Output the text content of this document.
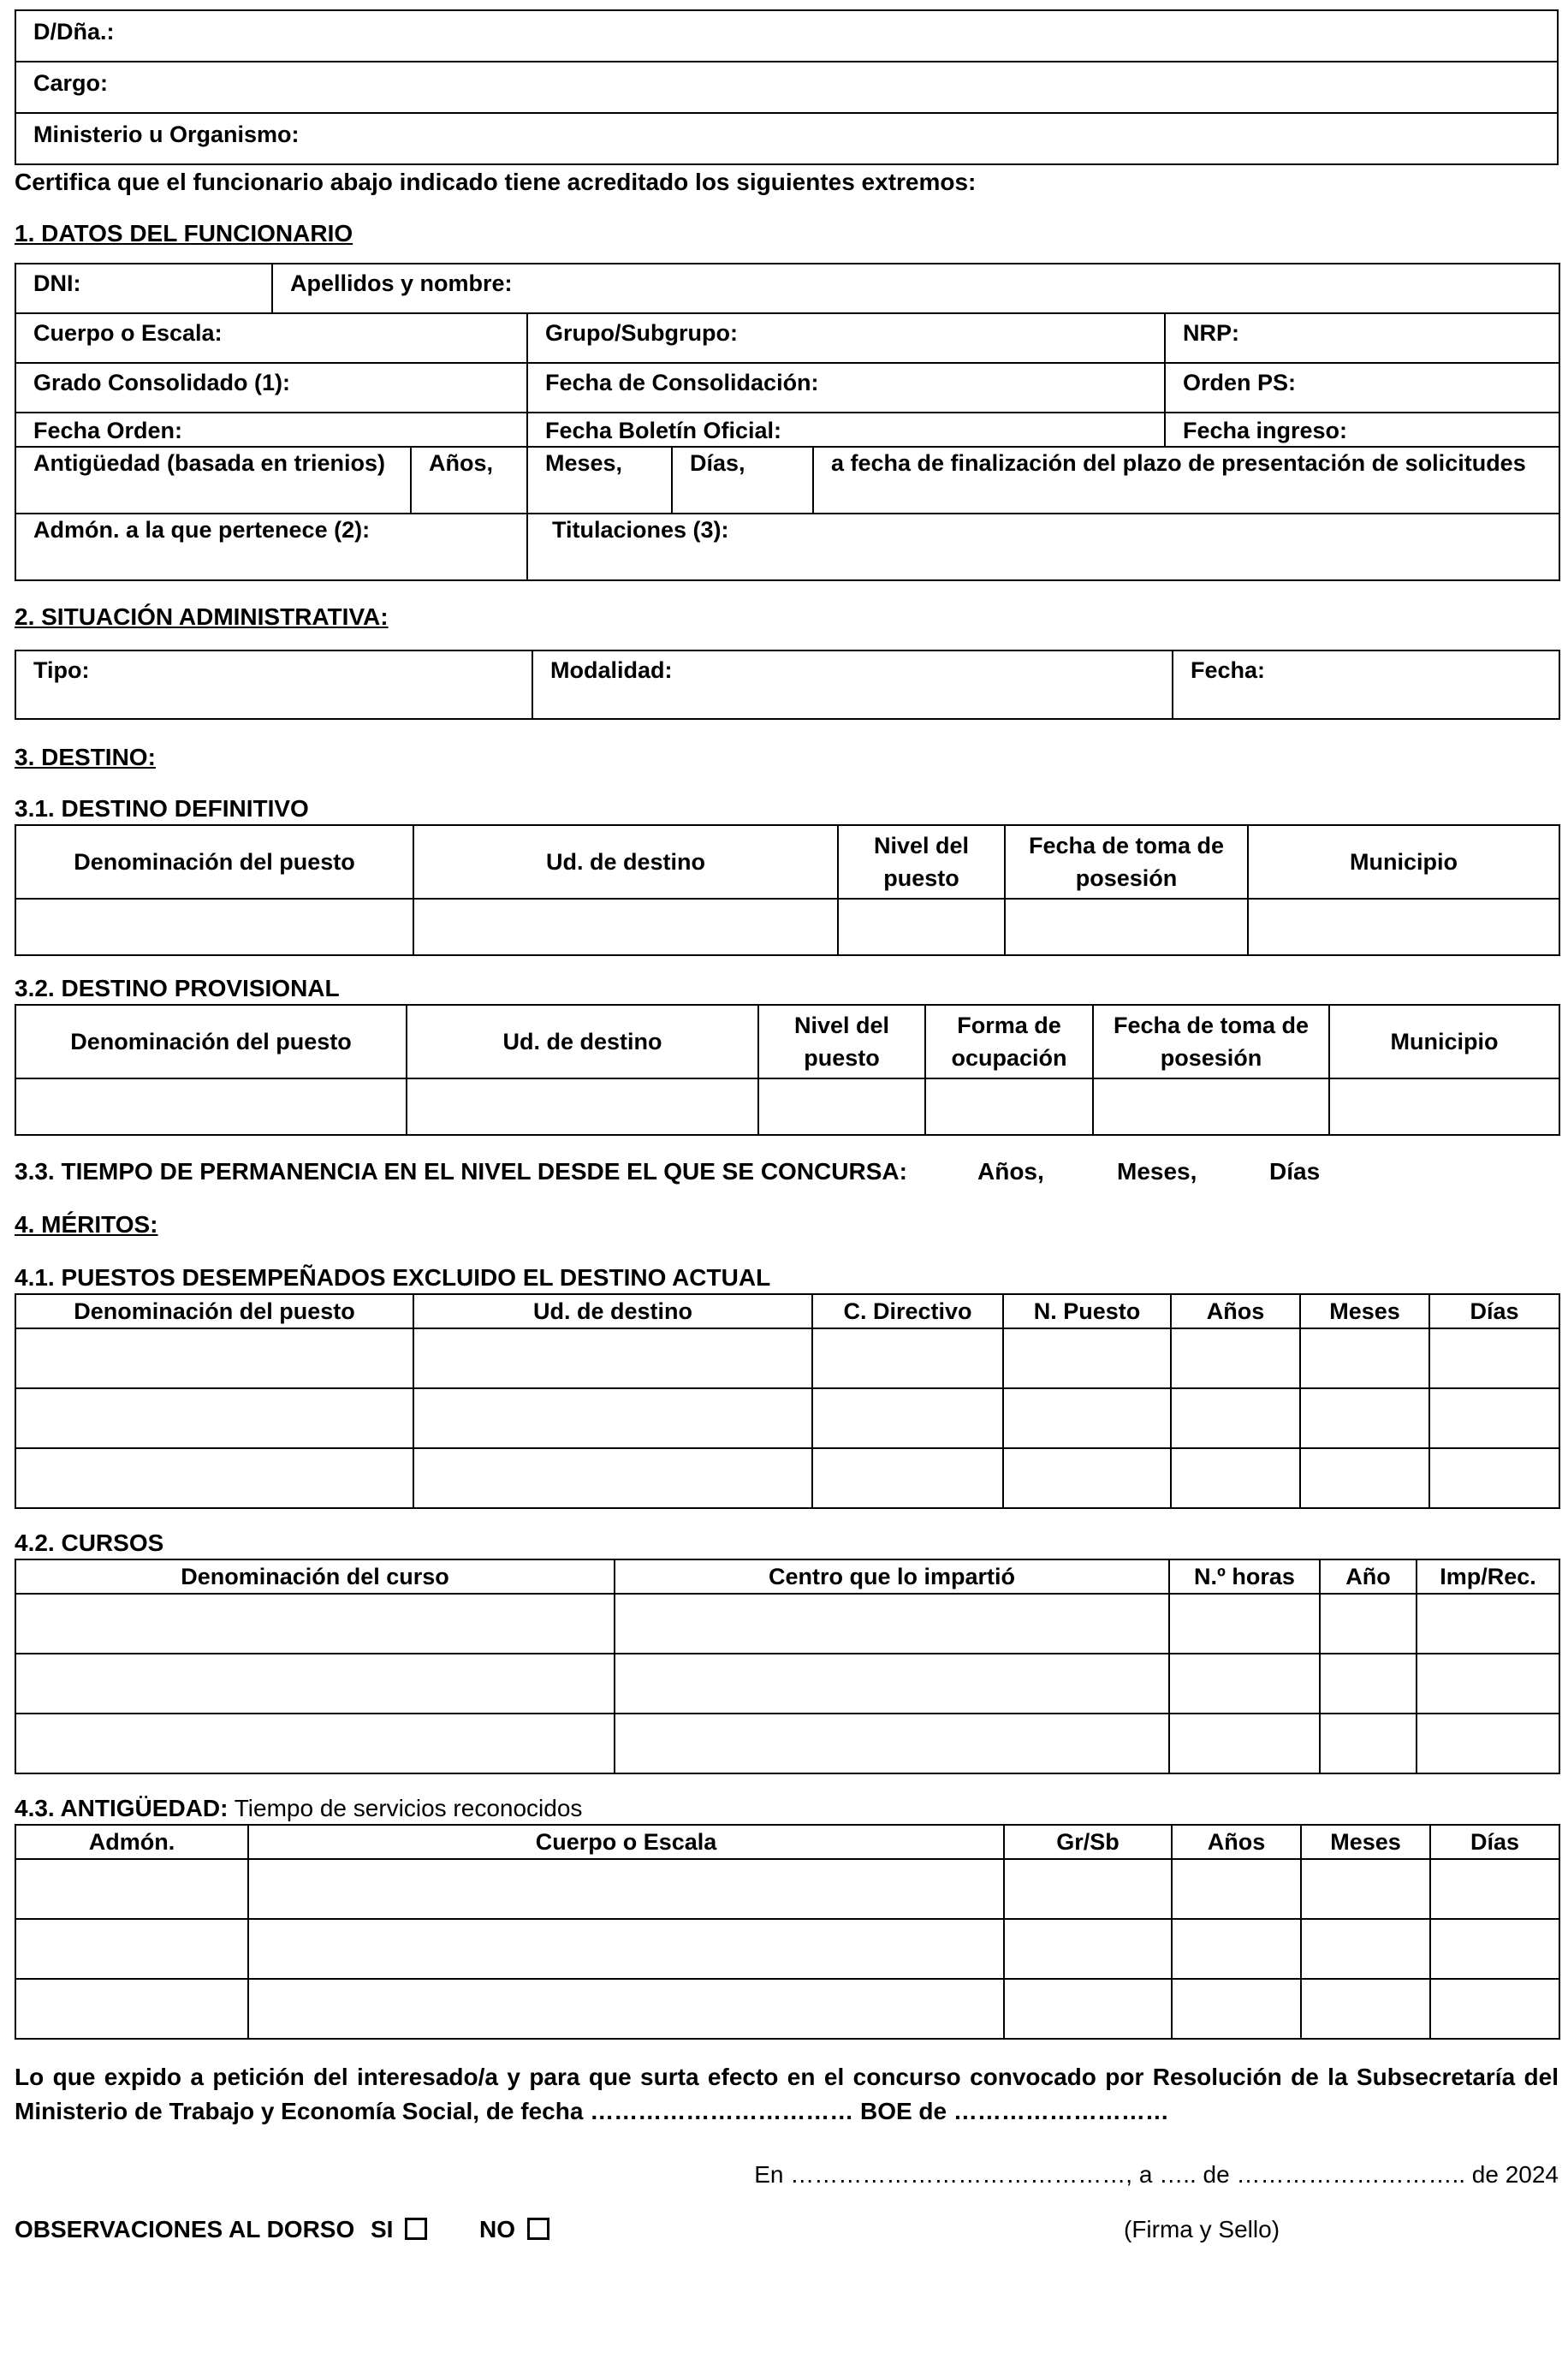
D/Dña.:
Cargo:
Ministerio u Organismo:
Certifica que el funcionario abajo indicado tiene acreditado los siguientes extremos:
1. DATOS DEL FUNCIONARIO
DNI:	Apellidos y nombre:					
Cuerpo o Escala:			Grupo/Subgrupo:			NRP:
Grado Consolidado (1):			Fecha de Consolidación:			Orden PS:
Fecha Orden:			Fecha Boletín Oficial:			Fecha ingreso:
Antigüedad (basada en trienios)		Años,	Meses,	Días,	a fecha de finalización del plazo de presentación de solicitudes	
Admón. a la que pertenece (2):			Titulaciones (3):			
2. SITUACIÓN ADMINISTRATIVA:
Tipo:	Modalidad:	Fecha:
3. DESTINO:
3.1. DESTINO DEFINITIVO
Denominación del puesto	Ud. de destino	Nivel del puesto	Fecha de toma de posesión	Municipio

3.2. DESTINO PROVISIONAL
Denominación del puesto	Ud. de destino	Nivel del puesto	Forma de ocupación	Fecha de toma de posesión	Municipio

3.3. TIEMPO DE PERMANENCIA EN EL NIVEL DESDE EL QUE SE CONCURSA:	Años,	Meses,	Días
4. MÉRITOS:
4.1. PUESTOS DESEMPEÑADOS EXCLUIDO EL DESTINO ACTUAL
Denominación del puesto	Ud. de destino	C. Directivo	N. Puesto	Años	Meses	Días

4.2. CURSOS
Denominación del curso	Centro que lo impartió	N.º horas	Año	Imp/Rec.

4.3. ANTIGÜEDAD: Tiempo de servicios reconocidos
Admón.	Cuerpo o Escala	Gr/Sb	Años	Meses	Días

Lo que expido a petición del interesado/a y para que surta efecto en el concurso convocado por Resolución de la Subsecretaría del Ministerio de Trabajo y Economía Social, de fecha …………………………… BOE de ………………………
En ……………………………………, a ….. de ……………………….. de 2024
OBSERVACIONES AL DORSO SI	NO	(Firma y Sello)
